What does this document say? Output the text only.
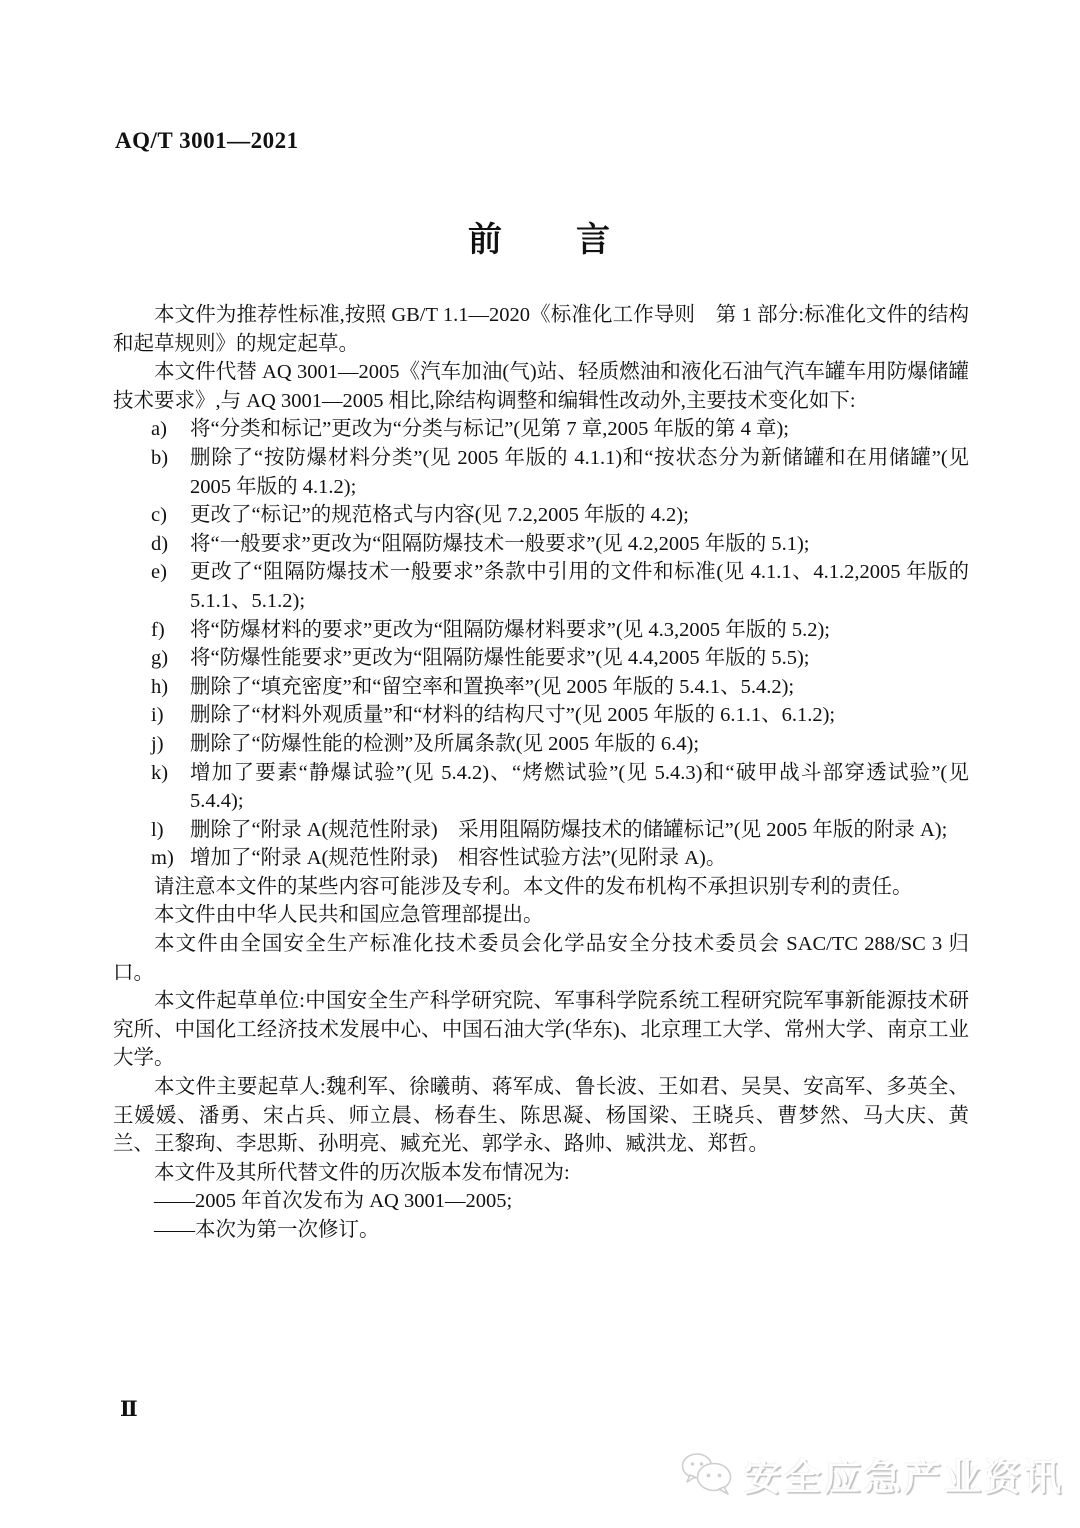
AQ/T 3001—2021
前　　言

本文件为推荐性标准,按照 GB/T 1.1—2020《标准化工作导则　第 1 部分:标准化文件的结构和起草规则》的规定起草。

本文件代替 AQ 3001—2005《汽车加油(气)站、轻质燃油和液化石油气汽车罐车用防爆储罐技术要求》,与 AQ 3001—2005 相比,除结构调整和编辑性改动外,主要技术变化如下:

a) 将“分类和标记”更改为“分类与标记”(见第 7 章,2005 年版的第 4 章);
b) 删除了“按防爆材料分类”(见 2005 年版的 4.1.1)和“按状态分为新储罐和在用储罐”(见 2005 年版的 4.1.2);
c) 更改了“标记”的规范格式与内容(见 7.2,2005 年版的 4.2);
d) 将“一般要求”更改为“阻隔防爆技术一般要求”(见 4.2,2005 年版的 5.1);
e) 更改了“阻隔防爆技术一般要求”条款中引用的文件和标准(见 4.1.1、4.1.2,2005 年版的 5.1.1、5.1.2);
f) 将“防爆材料的要求”更改为“阻隔防爆材料要求”(见 4.3,2005 年版的 5.2);
g) 将“防爆性能要求”更改为“阻隔防爆性能要求”(见 4.4,2005 年版的 5.5);
h) 删除了“填充密度”和“留空率和置换率”(见 2005 年版的 5.4.1、5.4.2);
i) 删除了“材料外观质量”和“材料的结构尺寸”(见 2005 年版的 6.1.1、6.1.2);
j) 删除了“防爆性能的检测”及所属条款(见 2005 年版的 6.4);
k) 增加了要素“静爆试验”(见 5.4.2)、“烤燃试验”(见 5.4.3)和“破甲战斗部穿透试验”(见 5.4.4);
l) 删除了“附录 A(规范性附录)　采用阻隔防爆技术的储罐标记”(见 2005 年版的附录 A);
m) 增加了“附录 A(规范性附录)　相容性试验方法”(见附录 A)。

请注意本文件的某些内容可能涉及专利。本文件的发布机构不承担识别专利的责任。

本文件由中华人民共和国应急管理部提出。

本文件由全国安全生产标准化技术委员会化学品安全分技术委员会 SAC/TC 288/SC 3 归口。

本文件起草单位:中国安全生产科学研究院、军事科学院系统工程研究院军事新能源技术研究所、中国化工经济技术发展中心、中国石油大学(华东)、北京理工大学、常州大学、南京工业大学。

本文件主要起草人:魏利军、徐曦萌、蒋军成、鲁长波、王如君、吴昊、安高军、多英全、王媛媛、潘勇、宋占兵、师立晨、杨春生、陈思凝、杨国梁、王晓兵、曹梦然、马大庆、黄兰、王黎珣、李思斯、孙明亮、臧充光、郭学永、路帅、臧洪龙、郑哲。

本文件及其所代替文件的历次版本发布情况为:

——2005 年首次发布为 AQ 3001—2005;

——本次为第一次修订。

Ⅱ
安全应急产业资讯
